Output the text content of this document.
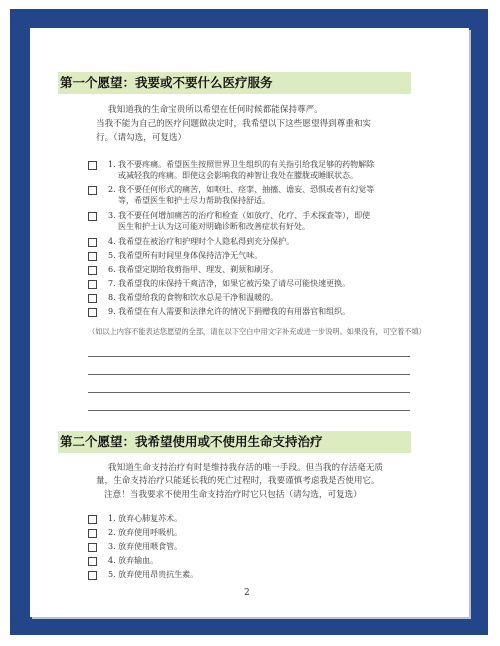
第一个愿望：我要或不要什么医疗服务
我知道我的生命宝贵所以希望在任何时候都能保持尊严。
当我不能为自己的医疗问题做决定时，我希望以下这些愿望得到尊重和实
行。（请勾选，可复选）
1. 我不要疼痛。希望医生按照世界卫生组织的有关指引给我足够的药物解除
或减轻我的疼痛。即使这会影响我的神智让我处在朦胧或睡眠状态。
2. 我不要任何形式的痛苦，如呕吐、痉挛、抽搐、谵妄、恐惧或者有幻觉等
等，希望医生和护士尽力帮助我保持舒适。
3. 我不要任何增加痛苦的治疗和检查（如放疗、化疗、手术探查等），即使
医生和护士认为这可能对明确诊断和改善症状有好处。
4. 我希望在被治疗和护理时个人隐私得到充分保护。
5. 我希望所有时间里身体保持洁净无气味。
6. 我希望定期给我剪指甲、理发、剃须和刷牙。
7. 我希望我的床保持干爽洁净，如果它被污染了请尽可能快速更换。
8. 我希望给我的食物和饮水总是干净和温暖的。
9. 我希望在有人需要和法律允许的情况下捐赠我的有用器官和组织。
（如以上内容不能表达您愿望的全部，请在以下空白中用文字补充或进一步说明。如果没有，可空着不填）
第二个愿望：我希望使用或不使用生命支持治疗
我知道生命支持治疗有时是维持我存活的唯一手段。但当我的存活毫无质
量，生命支持治疗只能延长我的死亡过程时，我要谨慎考虑我是否使用它。
注意！当我要求不使用生命支持治疗时它只包括（请勾选，可复选）
1. 放弃心肺复苏术。
2. 放弃使用呼吸机。
3. 放弃使用喂食管。
4. 放弃输血。
5. 放弃使用昂贵抗生素。
2
